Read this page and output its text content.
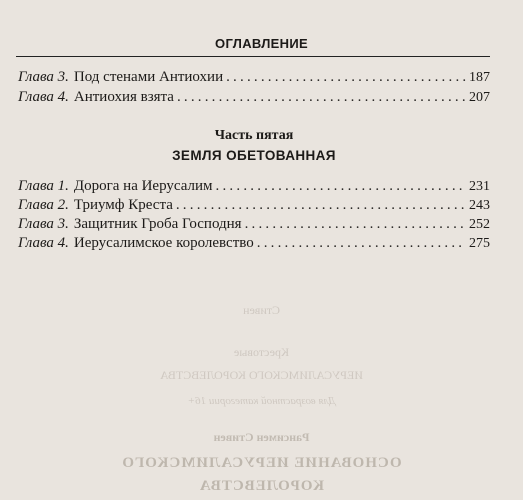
ОГЛАВЛЕНИЕ
Глава 3. Под стенами Антиохии .....	187
Глава 4. Антиохия взята .....	207
Часть пятая
ЗЕМЛЯ ОБЕТОВАННАЯ
Глава 1. Дорога на Иерусалим .....	231
Глава 2. Триумф Креста .....	243
Глава 3. Защитник Гроба Господня .....	252
Глава 4. Иерусалимское королевство .....	275
Стивен
Крестовые
ИЕРУСАЛИМСКОГО КОРОЛЕВСТВА
Для возрастной категории 16+
Рансимен Стивен
ОСНОВАНИЕ ИЕРУСАЛИМСКОГО
КОРОЛЕВСТВА
